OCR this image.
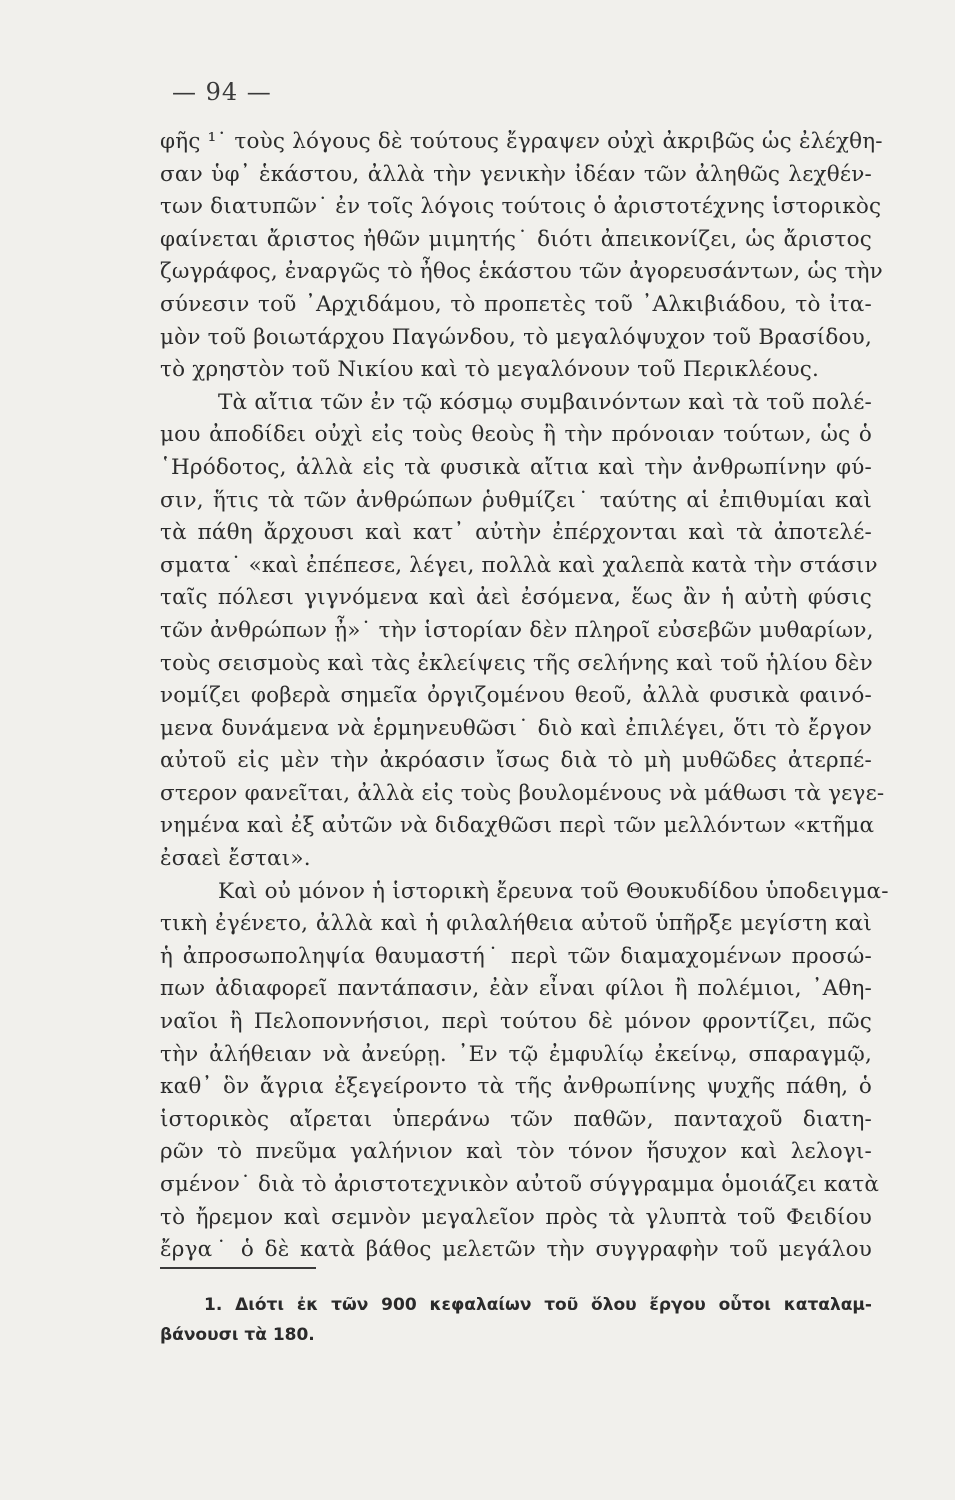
— 94 —
φῆς ¹˙ τοὺς λόγους δὲ τούτους ἔγραψεν οὐχὶ ἀκριβῶς ὡς ἐλέχθη-
σαν ὑφ᾽ ἑκάστου, ἀλλὰ τὴν γενικὴν ἰδέαν τῶν ἀληθῶς λεχθέν-
των διατυπῶν˙ ἐν τοῖς λόγοις τούτοις ὁ ἀριστοτέχνης ἱστορικὸς
φαίνεται ἄριστος ἠθῶν μιμητής˙ διότι ἀπεικονίζει, ὡς ἄριστος
ζωγράφος, ἐναργῶς τὸ ἦθος ἑκάστου τῶν ἀγορευσάντων, ὡς τὴν
σύνεσιν τοῦ ᾿Αρχιδάμου, τὸ προπετὲς τοῦ ᾿Αλκιβιάδου, τὸ ἰτα-
μὸν τοῦ βοιωτάρχου Παγώνδου, τὸ μεγαλόψυχον τοῦ Βρασίδου,
τὸ χρηστὸν τοῦ Νικίου καὶ τὸ μεγαλόνουν τοῦ Περικλέους.
Τὰ αἴτια τῶν ἐν τῷ κόσμῳ συμβαινόντων καὶ τὰ τοῦ πολέ-
μου ἀποδίδει οὐχὶ εἰς τοὺς θεοὺς ἢ τὴν πρόνοιαν τούτων, ὡς ὁ
῾Ηρόδοτος, ἀλλὰ εἰς τὰ φυσικὰ αἴτια καὶ τὴν ἀνθρωπίνην φύ-
σιν, ἥτις τὰ τῶν ἀνθρώπων ῥυθμίζει˙ ταύτης αἱ ἐπιθυμίαι καὶ
τὰ πάθη ἄρχουσι καὶ κατ᾽ αὐτὴν ἐπέρχονται καὶ τὰ ἀποτελέ-
σματα˙ «καὶ ἐπέπεσε, λέγει, πολλὰ καὶ χαλεπὰ κατὰ τὴν στάσιν
ταῖς πόλεσι γιγνόμενα καὶ ἀεὶ ἐσόμενα, ἕως ἂν ἡ αὐτὴ φύσις
τῶν ἀνθρώπων ᾖ»˙ τὴν ἱστορίαν δὲν πληροῖ εὐσεβῶν μυθαρίων,
τοὺς σεισμοὺς καὶ τὰς ἐκλείψεις τῆς σελήνης καὶ τοῦ ἡλίου δὲν
νομίζει φοβερὰ σημεῖα ὀργιζομένου θεοῦ, ἀλλὰ φυσικὰ φαινό-
μενα δυνάμενα νὰ ἑρμηνευθῶσι˙ διὸ καὶ ἐπιλέγει, ὅτι τὸ ἔργον
αὐτοῦ εἰς μὲν τὴν ἀκρόασιν ἴσως διὰ τὸ μὴ μυθῶδες ἀτερπέ-
στερον φανεῖται, ἀλλὰ εἰς τοὺς βουλομένους νὰ μάθωσι τὰ γεγε-
νημένα καὶ ἐξ αὐτῶν νὰ διδαχθῶσι περὶ τῶν μελλόντων «κτῆμα
ἐσαεὶ ἔσται».
Καὶ οὐ μόνον ἡ ἱστορικὴ ἔρευνα τοῦ Θουκυδίδου ὑποδειγμα-
τικὴ ἐγένετο, ἀλλὰ καὶ ἡ φιλαλήθεια αὐτοῦ ὑπῆρξε μεγίστη καὶ
ἡ ἀπροσωποληψία θαυμαστή˙ περὶ τῶν διαμαχομένων προσώ-
πων ἀδιαφορεῖ παντάπασιν, ἐὰν εἶναι φίλοι ἢ πολέμιοι, ᾿Αθη-
ναῖοι ἢ Πελοποννήσιοι, περὶ τούτου δὲ μόνον φροντίζει, πῶς
τὴν ἀλήθειαν νὰ ἀνεύρῃ. ᾿Εν τῷ ἐμφυλίῳ ἐκείνῳ, σπαραγμῷ,
καθ᾽ ὃν ἄγρια ἐξεγείροντο τὰ τῆς ἀνθρωπίνης ψυχῆς πάθη, ὁ
ἱστορικὸς αἴρεται ὑπεράνω τῶν παθῶν, πανταχοῦ διατη-
ρῶν τὸ πνεῦμα γαλήνιον καὶ τὸν τόνον ἥσυχον καὶ λελογι-
σμένον˙ διὰ τὸ ἀριστοτεχνικὸν αὐτοῦ σύγγραμμα ὁμοιάζει κατὰ
τὸ ἤρεμον καὶ σεμνὸν μεγαλεῖον πρὸς τὰ γλυπτὰ τοῦ Φειδίου
ἔργα˙ ὁ δὲ κατὰ βάθος μελετῶν τὴν συγγραφὴν τοῦ μεγάλου
1. Διότι ἐκ τῶν 900 κεφαλαίων τοῦ ὅλου ἔργου οὗτοι καταλαμ-
βάνουσι τὰ 180.
